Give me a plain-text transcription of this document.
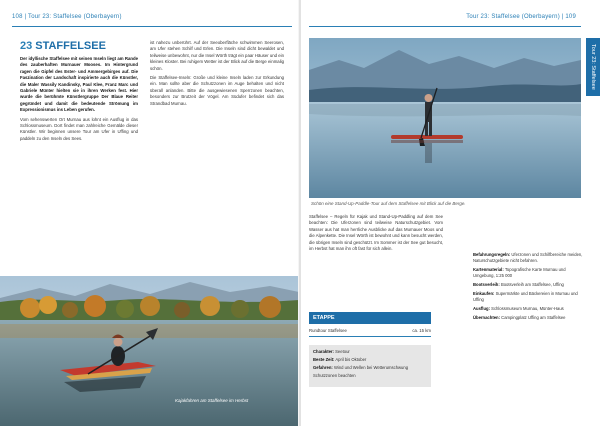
108 | Tour 23: Staffelsee (Oberbayern)
23 STAFFELSEE

Der idyllische Staffelsee mit seinen Inseln liegt am Rande des zauberhaften Murnauer Mooses. Im Hintergrund ragen die Gipfel des Ester- und Ammergebirges auf. Die Faszination der Landschaft inspirierte auch die Künstler, die Maler Wassily Kandinsky, Paul Klee, Franz Marc und Gabriele Münter hielten sie in ihren Werken fest. Hier wurde die berühmte Künstlergruppe Der Blaue Reiter gegründet und damit die bedeutende Strömung im Expressionismus ins Leben gerufen.

Vom sehenswerten Ort Murnau aus lohnt ein Ausflug in das Schlossmuseum. Dort findet man zahlreiche Gemälde dieser Künstler. Wir beginnen unsere Tour am Ufer in Uffing und paddeln zu den Inseln des Sees.

ist nahezu unberührt. Auf der Seeoberfläche schwimmen Seerosen, am Ufer stehen Schilf und Erlen. Die Inseln sind dicht bewaldet und teilweise unbewohnt, nur die Insel Wörth trägt ein paar Häuser und ein kleines Kloster. Bei ruhigem Wetter ist der Blick auf die Berge einmalig schön.

Die Staffelsee-Inseln: Große und kleine Inseln laden zur Erkundung ein. Man sollte aber die Schutzzonen im Auge behalten und nicht überall anlanden. Bitte die ausgewiesenen Sperrzonen beachten, besonders zur Brutzeit der Vögel. Am Südufer befindet sich das Strandbad Murnau.

Kajakfahren am Staffelsee im Herbst
Tour 23: Staffelsee (Oberbayern) | 109
Tour 23: Staffelsee
Schön eine Stand-Up-Paddle-Tour auf dem Staffelsee mit Blick auf die Berge.

Staffelsee – Regeln für Kajak und Stand-Up-Paddling auf dem See beachten: Die Uferzonen sind teilweise Naturschutzgebiet. Vom Wasser aus hat man herrliche Ausblicke auf das Murnauer Moos und die Alpenkette. Die Insel Wörth ist bewohnt und kann besucht werden, die übrigen Inseln sind geschützt. Im Sommer ist der See gut besucht, im Herbst hat man ihn oft fast für sich allein.

ETAPPE
Rundtour Staffelsee	ca. 15 km
Charakter: Seetour
Beste Zeit: April bis Oktober
Gefahren: Wind und Wellen bei Wetterumschwung
Schutzzonen beachten
Befahrungsregeln: Uferzonen und Schilfbereiche meiden, Naturschutzgebiete nicht befahren.
Kartenmaterial: Topografische Karte Murnau und Umgebung, 1:25 000
Bootsverleih: Bootsverleih am Staffelsee, Uffing
Einkaufen: Supermärkte und Bäckereien in Murnau und Uffing
Ausflug: Schlossmuseum Murnau, Münter-Haus
Übernachten: Campingplatz Uffing am Staffelsee
